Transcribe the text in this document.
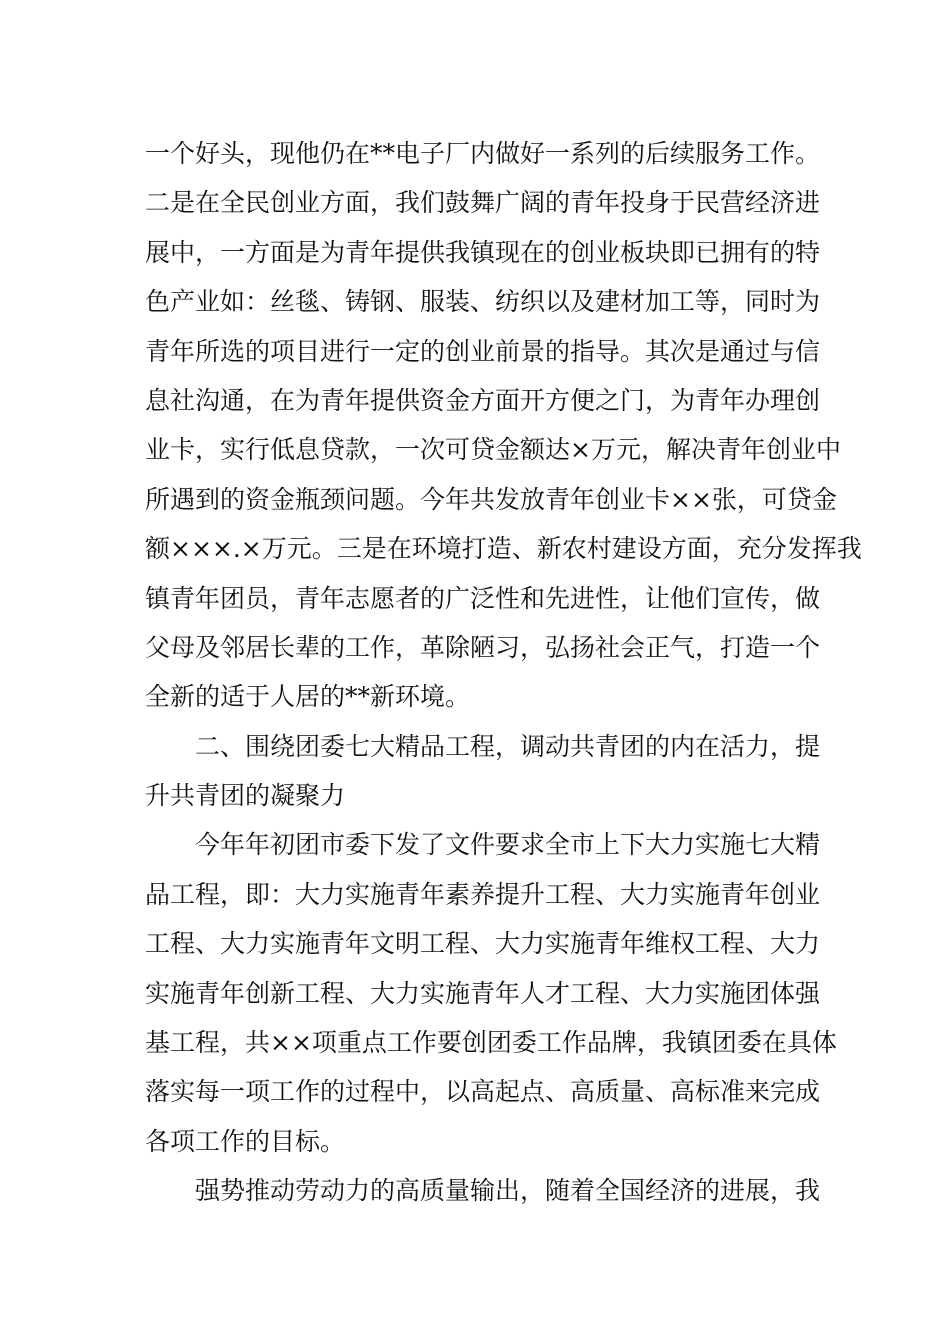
一个好头，现他仍在**电子厂内做好一系列的后续服务工作。
二是在全民创业方面，我们鼓舞广阔的青年投身于民营经济进
展中，一方面是为青年提供我镇现在的创业板块即已拥有的特
色产业如：丝毯、铸钢、服装、纺织以及建材加工等，同时为
青年所选的项目进行一定的创业前景的指导。其次是通过与信
息社沟通，在为青年提供资金方面开方便之门，为青年办理创
业卡，实行低息贷款，一次可贷金额达×万元，解决青年创业中
所遇到的资金瓶颈问题。今年共发放青年创业卡××张，可贷金
额×××.×万元。三是在环境打造、新农村建设方面，充分发挥我
镇青年团员，青年志愿者的广泛性和先进性，让他们宣传，做
父母及邻居长辈的工作，革除陋习，弘扬社会正气，打造一个
全新的适于人居的**新环境。
二、围绕团委七大精品工程，调动共青团的内在活力，提
升共青团的凝聚力
今年年初团市委下发了文件要求全市上下大力实施七大精
品工程，即：大力实施青年素养提升工程、大力实施青年创业
工程、大力实施青年文明工程、大力实施青年维权工程、大力
实施青年创新工程、大力实施青年人才工程、大力实施团体强
基工程，共××项重点工作要创团委工作品牌，我镇团委在具体
落实每一项工作的过程中，以高起点、高质量、高标准来完成
各项工作的目标。
强势推动劳动力的高质量输出，随着全国经济的进展，我
